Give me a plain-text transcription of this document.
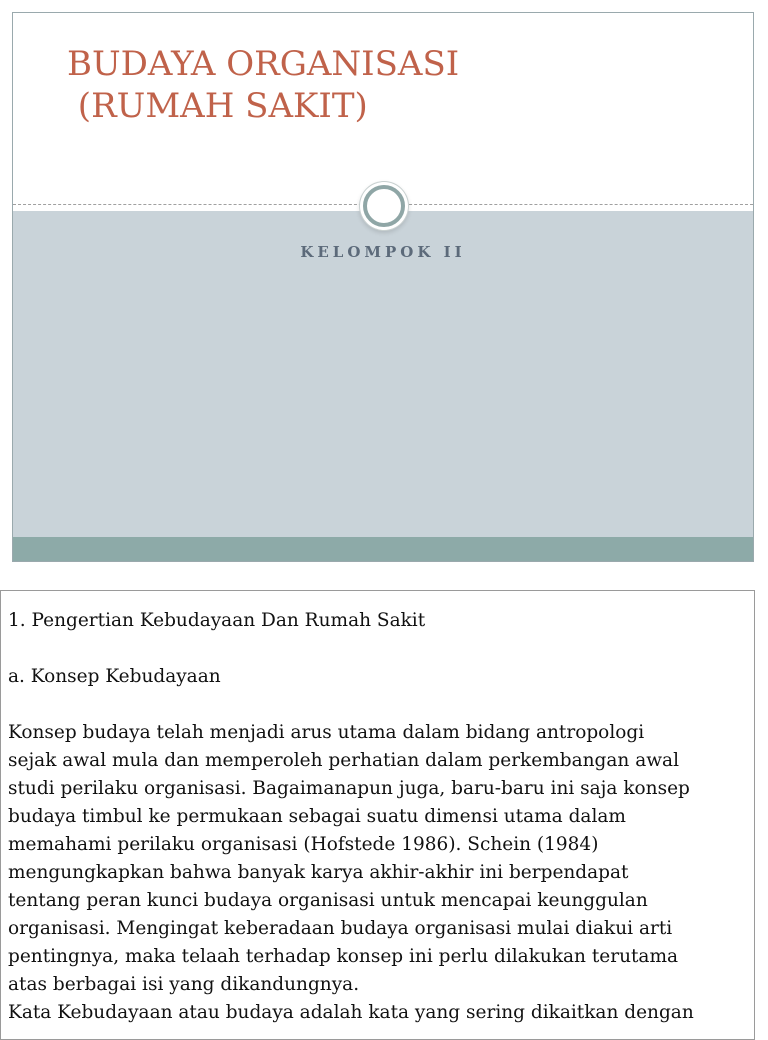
BUDAYA ORGANISASI
(RUMAH SAKIT)
KELOMPOK II

1. Pengertian Kebudayaan Dan Rumah Sakit

a. Konsep Kebudayaan

Konsep budaya telah menjadi arus utama dalam bidang antropologi
sejak awal mula dan memperoleh perhatian dalam perkembangan awal
studi perilaku organisasi. Bagaimanapun juga, baru-baru ini saja konsep
budaya timbul ke permukaan sebagai suatu dimensi utama dalam
memahami perilaku organisasi (Hofstede 1986). Schein (1984)
mengungkapkan bahwa banyak karya akhir-akhir ini berpendapat
tentang peran kunci budaya organisasi untuk mencapai keunggulan
organisasi. Mengingat keberadaan budaya organisasi mulai diakui arti
pentingnya, maka telaah terhadap konsep ini perlu dilakukan terutama
atas berbagai isi yang dikandungnya.
Kata Kebudayaan atau budaya adalah kata yang sering dikaitkan dengan
